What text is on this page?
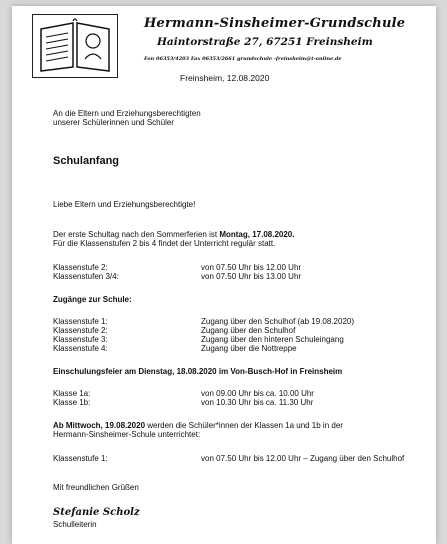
Hermann-Sinsheimer-Grundschule
Haintorstraße 27, 67251 Freinsheim
Fon 06353/4203 Fax 06353/2661 grundschule -freinsheim@t-online.de
Freinsheim, 12.08.2020
An die Eltern und Erziehungsberechtigten
unserer Schülerinnen und Schüler
Schulanfang
Liebe Eltern und Erziehungsberechtigte!
Der erste Schultag nach den Sommerferien ist Montag, 17.08.2020.
Für die Klassenstufen 2 bis 4 findet der Unterricht regulär statt.
Klassenstufe 2:	von 07.50 Uhr bis 12.00 Uhr
Klassenstufen 3/4:	von 07.50 Uhr bis 13.00 Uhr
Zugänge zur Schule:
Klassenstufe 1:	Zugang über den Schulhof (ab 19.08.2020)
Klassenstufe 2:	Zugang über den Schulhof
Klassenstufe 3:	Zugang über den hinteren Schuleingang
Klassenstufe 4:	Zugang über die Nottreppe
Einschulungsfeier am Dienstag, 18.08.2020 im Von-Busch-Hof in Freinsheim
Klasse 1a:	von 09.00 Uhr bis ca. 10.00 Uhr
Klasse 1b:	von 10.30 Uhr bis ca. 11.30 Uhr
Ab Mittwoch, 19.08.2020 werden die Schüler*innen der Klassen 1a und 1b in der
Hermann-Sinsheimer-Schule unterrichtet:
Klassenstufe 1:	von 07.50 Uhr bis 12.00 Uhr – Zugang über den Schulhof
Mit freundlichen Grüßen
Stefanie Scholz
Schulleiterin
